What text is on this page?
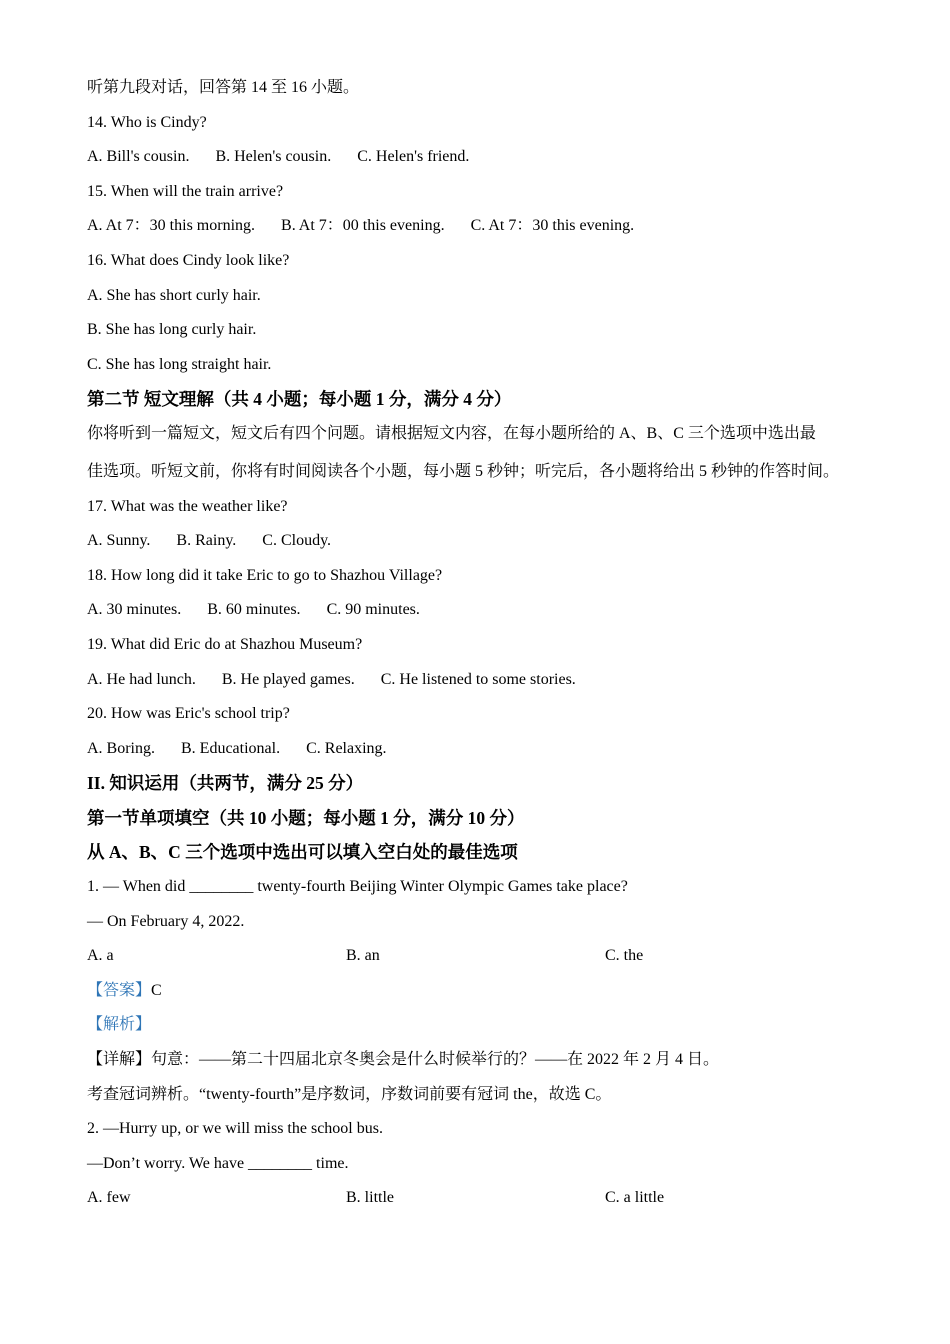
听第九段对话，回答第 14 至 16 小题。
14. Who is Cindy?
A. Bill's cousin. B. Helen's cousin. C. Helen's friend.
15. When will the train arrive?
A. At 7：30 this morning. B. At 7：00 this evening. C. At 7：30 this evening.
16. What does Cindy look like?
A. She has short curly hair.
B. She has long curly hair.
C. She has long straight hair.
第二节 短文理解（共 4 小题；每小题 1 分，满分 4 分）
你将听到一篇短文，短文后有四个问题。请根据短文内容，在每小题所给的 A、B、C 三个选项中选出最
佳选项。听短文前，你将有时间阅读各个小题，每小题 5 秒钟；听完后，各小题将给出 5 秒钟的作答时间。
17. What was the weather like?
A. Sunny. B. Rainy. C. Cloudy.
18. How long did it take Eric to go to Shazhou Village?
A. 30 minutes. B. 60 minutes. C. 90 minutes.
19. What did Eric do at Shazhou Museum?
A. He had lunch. B. He played games. C. He listened to some stories.
20. How was Eric's school trip?
A. Boring. B. Educational. C. Relaxing.
II. 知识运用（共两节，满分 25 分）
第一节单项填空（共 10 小题；每小题 1 分，满分 10 分）
从 A、B、C 三个选项中选出可以填入空白处的最佳选项
1. — When did ________ twenty-fourth Beijing Winter Olympic Games take place?
— On February 4, 2022.
A. a	B. an	C. the
【答案】C
【解析】
【详解】句意：——第二十四届北京冬奥会是什么时候举行的？——在 2022 年 2 月 4 日。
考查冠词辨析。“twenty-fourth”是序数词，序数词前要有冠词 the，故选 C。
2. —Hurry up, or we will miss the school bus.
—Don’t worry. We have ________ time.
A. few	B. little	C. a little
